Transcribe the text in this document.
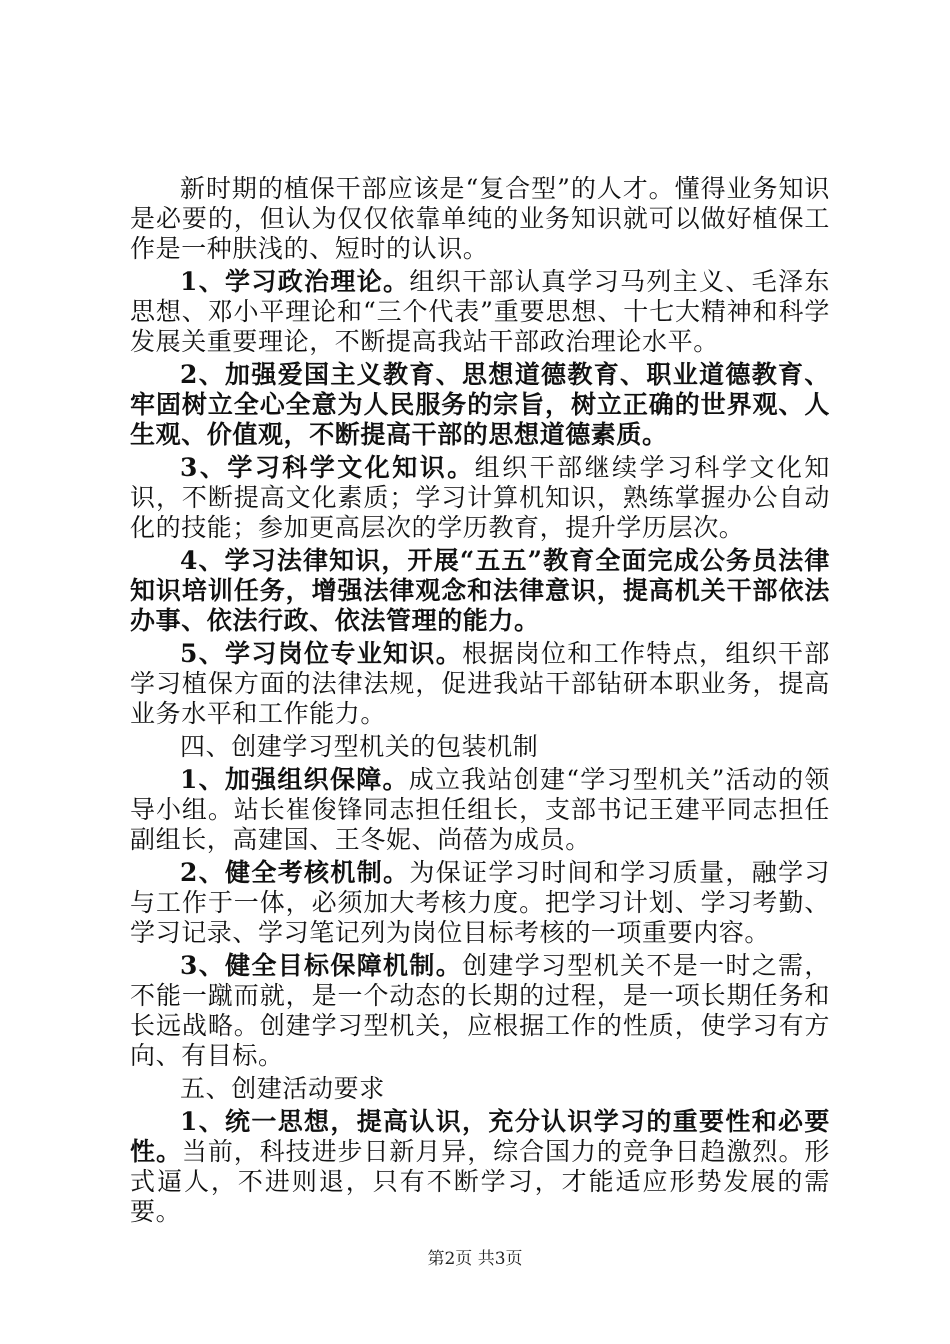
新时期的植保干部应该是“复合型”的人才。懂得业务知识是必要的，但认为仅仅依靠单纯的业务知识就可以做好植保工作是一种肤浅的、短时的认识。

1、学习政治理论。组织干部认真学习马列主义、毛泽东思想、邓小平理论和“三个代表”重要思想、十七大精神和科学发展关重要理论，不断提高我站干部政治理论水平。

2、加强爱国主义教育、思想道德教育、职业道德教育、牢固树立全心全意为人民服务的宗旨，树立正确的世界观、人生观、价值观，不断提高干部的思想道德素质。

3、学习科学文化知识。组织干部继续学习科学文化知识，不断提高文化素质；学习计算机知识，熟练掌握办公自动化的技能；参加更高层次的学历教育，提升学历层次。

4、学习法律知识，开展“五五”教育全面完成公务员法律知识培训任务，增强法律观念和法律意识，提高机关干部依法办事、依法行政、依法管理的能力。

5、学习岗位专业知识。根据岗位和工作特点，组织干部学习植保方面的法律法规，促进我站干部钻研本职业务，提高业务水平和工作能力。

四、创建学习型机关的包装机制

1、加强组织保障。成立我站创建“学习型机关”活动的领导小组。站长崔俊锋同志担任组长，支部书记王建平同志担任副组长，高建国、王冬妮、尚蓓为成员。

2、健全考核机制。为保证学习时间和学习质量，融学习与工作于一体，必须加大考核力度。把学习计划、学习考勤、学习记录、学习笔记列为岗位目标考核的一项重要内容。

3、健全目标保障机制。创建学习型机关不是一时之需，不能一蹴而就，是一个动态的长期的过程，是一项长期任务和长远战略。创建学习型机关，应根据工作的性质，使学习有方向、有目标。

五、创建活动要求

1、统一思想，提高认识，充分认识学习的重要性和必要性。当前，科技进步日新月异，综合国力的竞争日趋激烈。形式逼人，不进则退，只有不断学习，才能适应形势发展的需要。

第2页 共3页
